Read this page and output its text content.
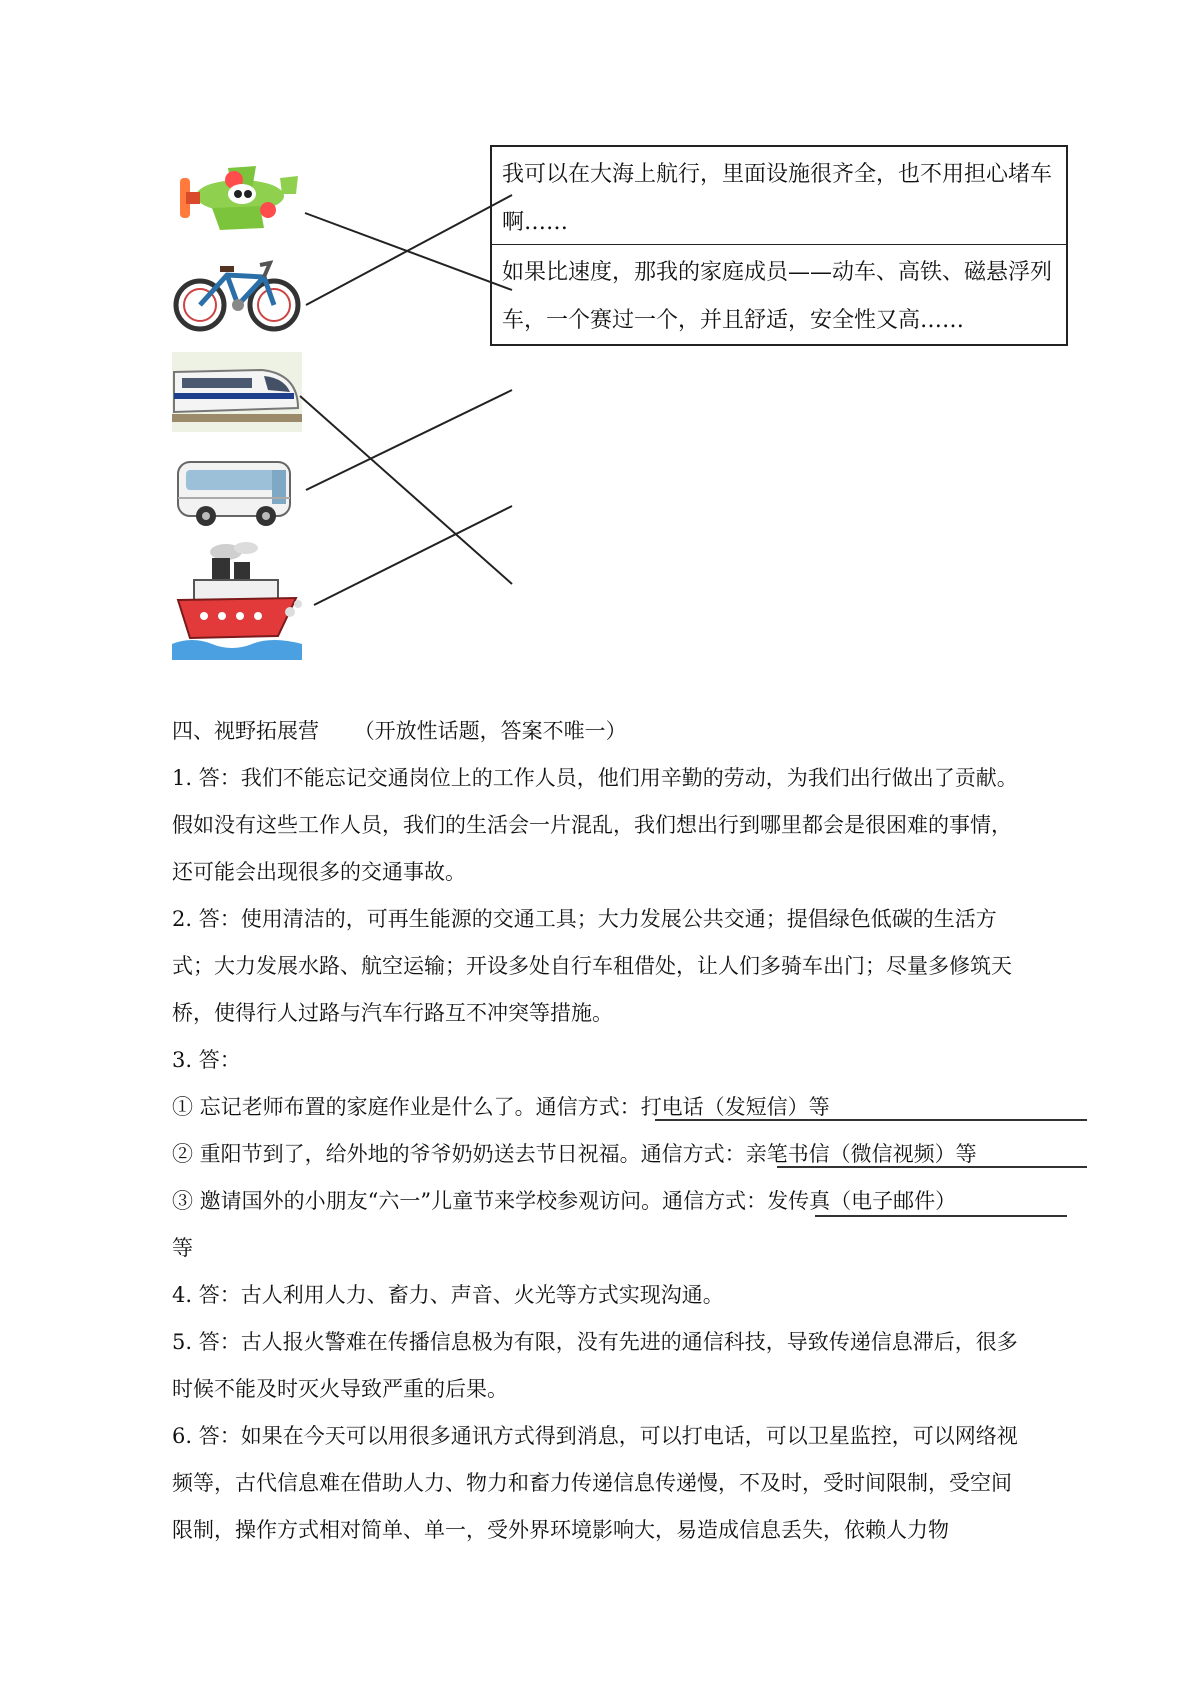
我可以在大海上航行，里面设施很齐全，也不用担心堵车啊……
如果比速度，那我的家庭成员——动车、高铁、磁悬浮列车，一个赛过一个，并且舒适，安全性又高……
四、视野拓展营 （开放性话题，答案不唯一）

1. 答：我们不能忘记交通岗位上的工作人员，他们用辛勤的劳动，为我们出行做出了贡献。假如没有这些工作人员，我们的生活会一片混乱，我们想出行到哪里都会是很困难的事情，还可能会出现很多的交通事故。

2. 答：使用清洁的，可再生能源的交通工具；大力发展公共交通；提倡绿色低碳的生活方式；大力发展水路、航空运输；开设多处自行车租借处，让人们多骑车出门；尽量多修筑天桥，使得行人过路与汽车行路互不冲突等措施。

3. 答：

① 忘记老师布置的家庭作业是什么了。通信方式：打电话（发短信）等
② 重阳节到了，给外地的爷爷奶奶送去节日祝福。通信方式：亲笔书信（微信视频）等
③ 邀请国外的小朋友“六一”儿童节来学校参观访问。通信方式：发传真（电子邮件）

等

4. 答：古人利用人力、畜力、声音、火光等方式实现沟通。

5. 答：古人报火警难在传播信息极为有限，没有先进的通信科技，导致传递信息滞后，很多时候不能及时灭火导致严重的后果。

6. 答：如果在今天可以用很多通讯方式得到消息，可以打电话，可以卫星监控，可以网络视频等，古代信息难在借助人力、物力和畜力传递信息传递慢，不及时，受时间限制，受空间限制，操作方式相对简单、单一，受外界环境影响大，易造成信息丢失，依赖人力物
